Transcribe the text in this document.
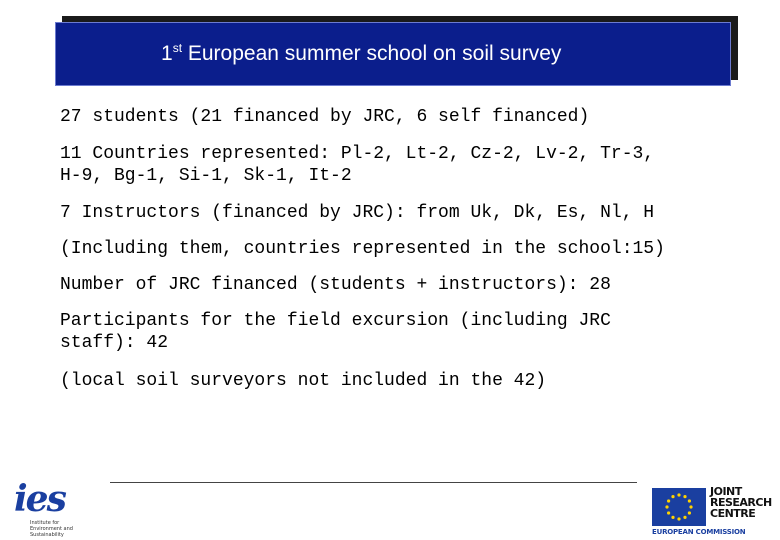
1st European summer school on soil survey
27 students (21 financed by JRC, 6 self financed)
11 Countries represented: Pl-2, Lt-2, Cz-2, Lv-2, Tr-3,
H-9, Bg-1, Si-1, Sk-1, It-2
7 Instructors (financed by JRC): from Uk, Dk, Es, Nl, H
(Including them, countries represented in the school:15)
Number of JRC financed (students + instructors): 28
Participants for the field excursion (including JRC
staff): 42
(local soil surveyors not included in the 42)
ies
Institute for
Environment and
Sustainability
JOINT
RESEARCH
CENTRE
EUROPEAN COMMISSION
